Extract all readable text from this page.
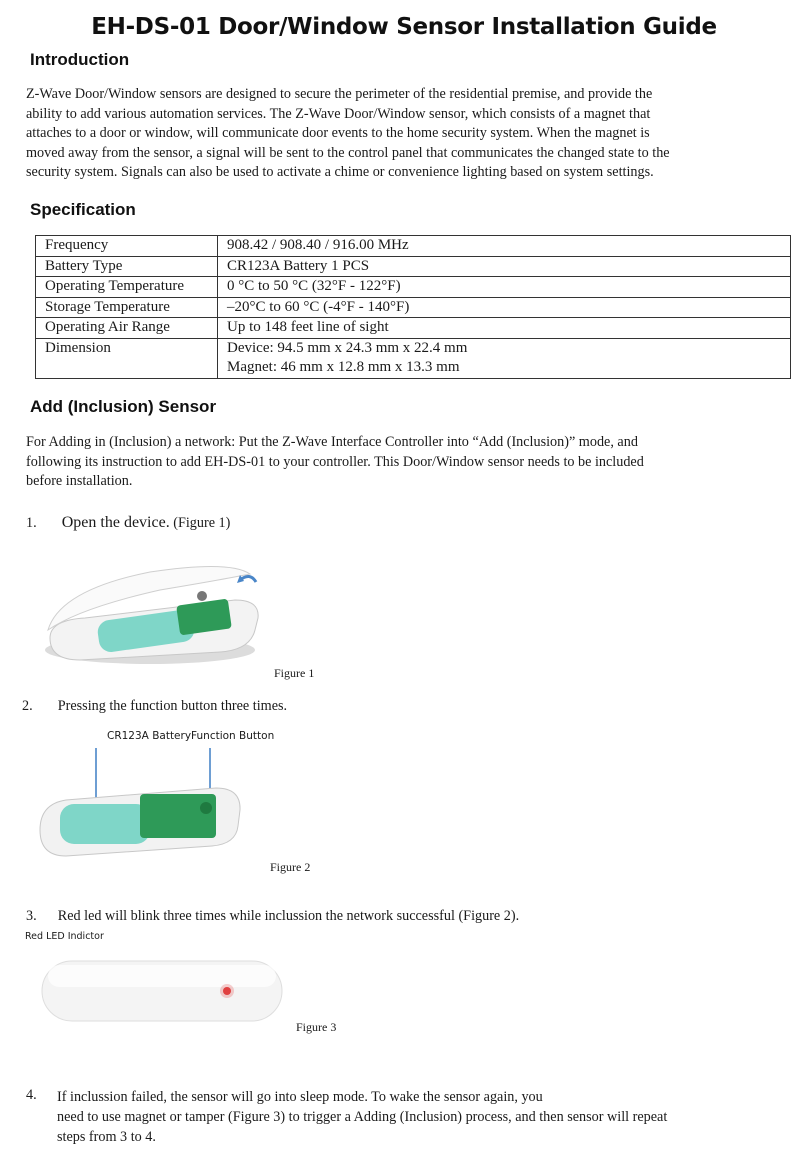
EH-DS-01 Door/Window Sensor Installation Guide
Introduction
Z-Wave Door/Window sensors are designed to secure the perimeter of the residential premise, and provide the
ability to add various automation services. The Z-Wave Door/Window sensor, which consists of a magnet that
attaches to a door or window, will communicate door events to the home security system. When the magnet is
moved away from the sensor, a signal will be sent to the control panel that communicates the changed state to the
security system. Signals can also be used to activate a chime or convenience lighting based on system settings.
Specification
Frequency	908.42 / 908.40 / 916.00 MHz
Battery Type	CR123A Battery 1 PCS
Operating Temperature	0 °C to 50 °C (32°F - 122°F)
Storage Temperature	–20°C to 60 °C (-4°F - 140°F)
Operating Air Range	Up to 148 feet line of sight
Dimension	Device: 94.5 mm x 24.3 mm x 22.4 mm
Magnet: 46 mm x 12.8 mm x 13.3 mm
Add (Inclusion) Sensor
For Adding in (Inclusion) a network: Put the Z-Wave Interface Controller into “Add (Inclusion)” mode, and
following its instruction to add EH-DS-01 to your controller. This Door/Window sensor needs to be included
before installation.
1. Open the device. (Figure 1)
Figure 1
2. Pressing the function button three times.
CR123A BatteryFunction Button
Figure 2
3. Red led will blink three times while inclussion the network successful (Figure 2).
Red LED Indictor
Figure 3
4. If inclussion failed, the sensor will go into sleep mode. To wake the sensor again, you
need to use magnet or tamper (Figure 3) to trigger a Adding (Inclusion) process, and then sensor will repeat
steps from 3 to 4.
